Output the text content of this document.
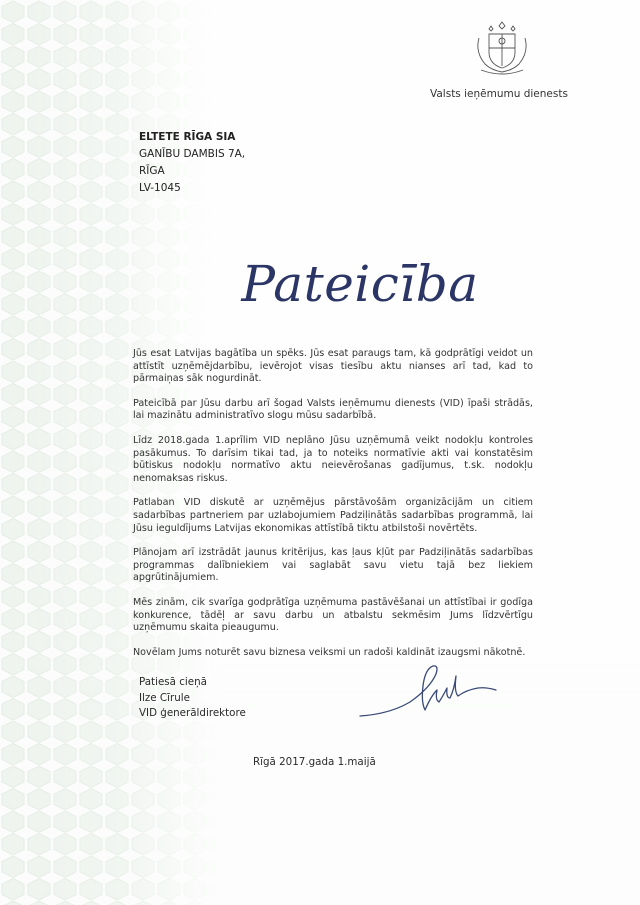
Valsts ieņēmumu dienests
ELTETE RĪGA SIA
GANĪBU DAMBIS 7A,
RĪGA
LV-1045
Pateicība

Jūs esat Latvijas bagātība un spēks. Jūs esat paraugs tam, kā godprātīgi veidot un attīstīt uzņēmējdarbību, ievērojot visas tiesību aktu nianses arī tad, kad to pārmaiņas sāk nogurdināt.

Pateicībā par Jūsu darbu arī šogad Valsts ieņēmumu dienests (VID) īpaši strādās, lai mazinātu administratīvo slogu mūsu sadarbībā.

Līdz 2018.gada 1.aprīlim VID neplāno Jūsu uzņēmumā veikt nodokļu kontroles pasākumus. To darīsim tikai tad, ja to noteiks normatīvie akti vai konstatēsim būtiskus nodokļu normatīvo aktu neievērošanas gadījumus, t.sk. nodokļu nenomaksas riskus.

Patlaban VID diskutē ar uzņēmējus pārstāvošām organizācijām un citiem sadarbības partneriem par uzlabojumiem Padziļinātās sadarbības programmā, lai Jūsu ieguldījums Latvijas ekonomikas attīstībā tiktu atbilstoši novērtēts.

Plānojam arī izstrādāt jaunus kritērijus, kas ļaus kļūt par Padziļinātās sadarbības programmas dalībniekiem vai saglabāt savu vietu tajā bez liekiem apgrūtinājumiem.

Mēs zinām, cik svarīga godprātīga uzņēmuma pastāvēšanai un attīstībai ir godīga konkurence, tādēļ ar savu darbu un atbalstu sekmēsim Jums līdzvērtīgu uzņēmumu skaita pieaugumu.

Novēlam Jums noturēt savu biznesa veiksmi un radoši kaldināt izaugsmi nākotnē.

Patiesā cieņā
Ilze Cīrule
VID ģenerāldirektore
Rīgā 2017.gada 1.maijā
